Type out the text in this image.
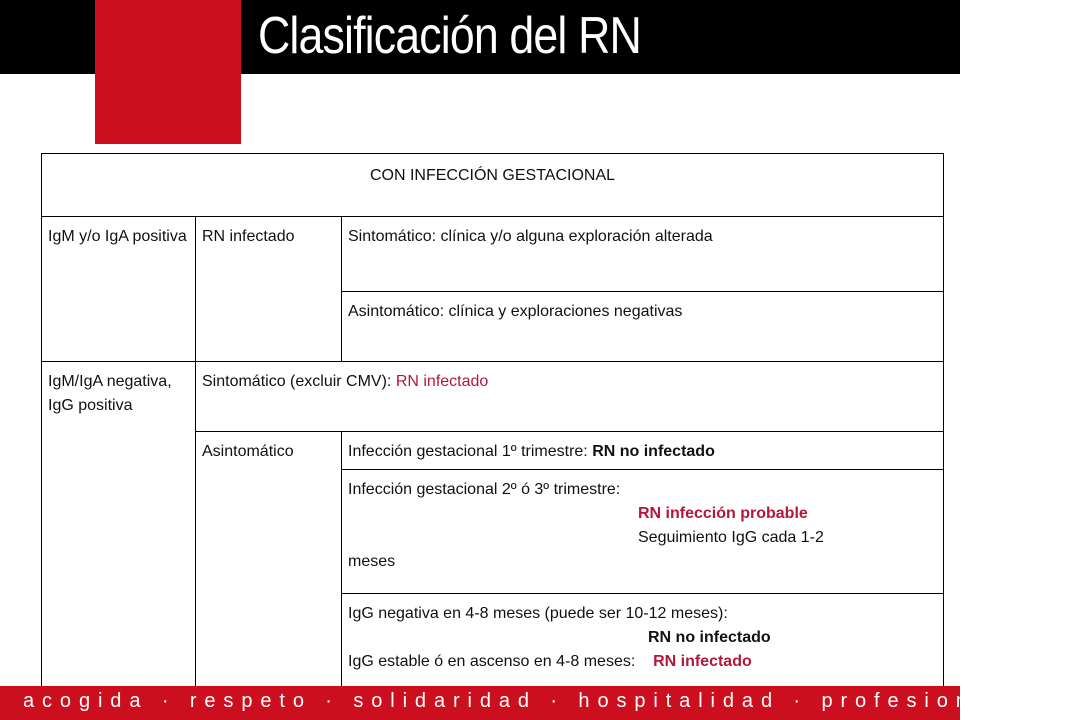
Clasificación del RN
CON INFECCIÓN GESTACIONAL		
IgM y/o IgA positiva	RN infectado	Sintomático: clínica y/o alguna exploración alterada
		Asintomático: clínica y exploraciones negativas
IgM/IgA negativa, IgG positiva	Sintomático (excluir CMV): RN infectado	
	Asintomático	Infección gestacional 1º trimestre: RN no infectado

		Infección gestacional 2º ó 3º trimestre:
RN infección probable
Seguimiento IgG cada 1-2
meses

		IgG negativa en 4-8 meses (puede ser 10-12 meses):
RN no infectado
IgG estable ó en ascenso en 4-8 meses: RN infectado
acogida · respeto · solidaridad · hospitalidad · profesionalidad
